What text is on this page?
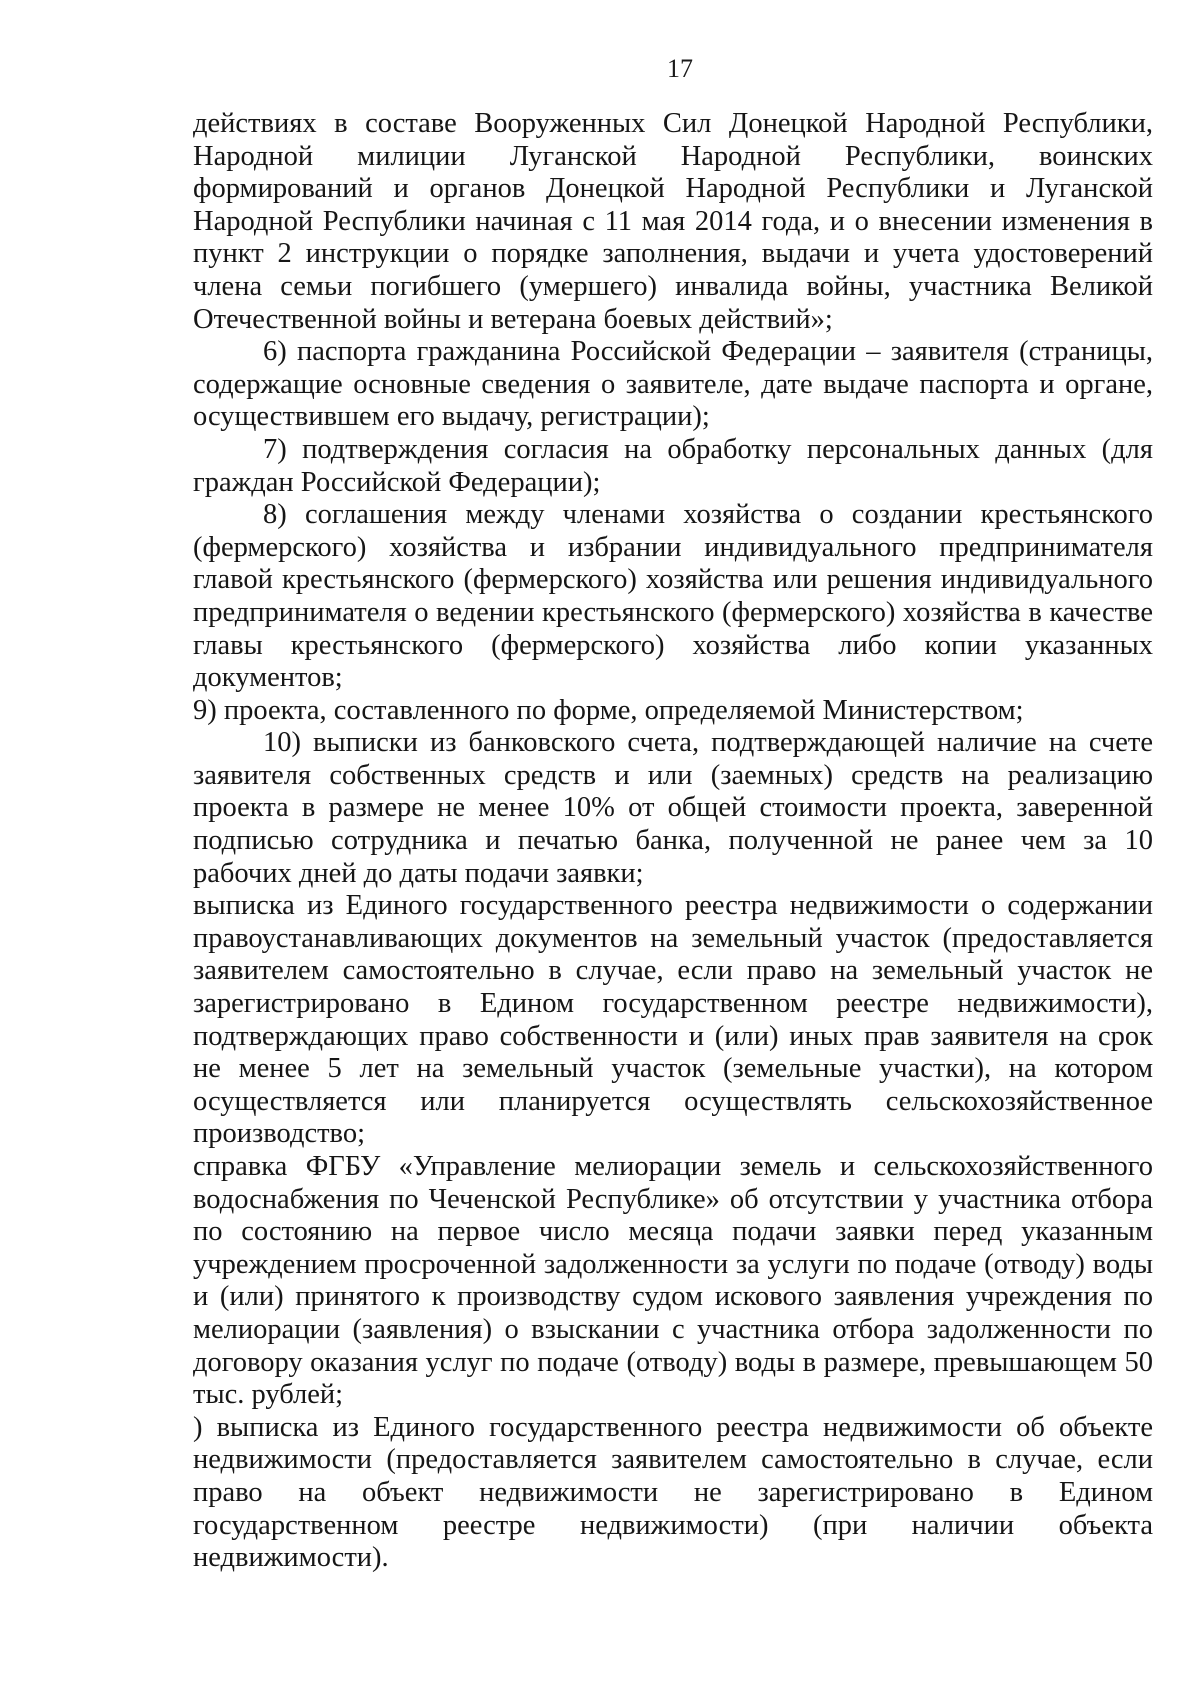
17

действиях в составе Вооруженных Сил Донецкой Народной Республики, Народной милиции Луганской Народной Республики, воинских формирований и органов Донецкой Народной Республики и Луганской Народной Республики начиная с 11 мая 2014 года, и о внесении изменения в пункт 2 инструкции о порядке заполнения, выдачи и учета удостоверений члена семьи погибшего (умершего) инвалида войны, участника Великой Отечественной войны и ветерана боевых действий»;

6) паспорта гражданина Российской Федерации – заявителя (страницы, содержащие основные сведения о заявителе, дате выдаче паспорта и органе, осуществившем его выдачу, регистрации);

7) подтверждения согласия на обработку персональных данных (для граждан Российской Федерации);

8) соглашения между членами хозяйства о создании крестьянского (фермерского) хозяйства и избрании индивидуального предпринимателя главой крестьянского (фермерского) хозяйства или решения индивидуального предпринимателя о ведении крестьянского (фермерского) хозяйства в качестве главы крестьянского (фермерского) хозяйства либо копии указанных документов;

9) проекта, составленного по форме, определяемой Министерством;

10) выписки из банковского счета, подтверждающей наличие на счете заявителя собственных средств и или (заемных) средств на реализацию проекта в размере не менее 10% от общей стоимости проекта, заверенной подписью сотрудника и печатью банка, полученной не ранее чем за 10 рабочих дней до даты подачи заявки;

выписка из Единого государственного реестра недвижимости о содержании правоустанавливающих документов на земельный участок (предоставляется заявителем самостоятельно в случае, если право на земельный участок не зарегистрировано в Едином государственном реестре недвижимости), подтверждающих право собственности и (или) иных прав заявителя на срок не менее 5 лет на земельный участок (земельные участки), на котором осуществляется или планируется осуществлять сельскохозяйственное производство;

справка ФГБУ «Управление мелиорации земель и сельскохозяйственного водоснабжения по Чеченской Республике» об отсутствии у участника отбора по состоянию на первое число месяца подачи заявки перед указанным учреждением просроченной задолженности за услуги по подаче (отводу) воды и (или) принятого к производству судом искового заявления учреждения по мелиорации (заявления) о взыскании с участника отбора задолженности по договору оказания услуг по подаче (отводу) воды в размере, превышающем 50 тыс. рублей;

) выписка из Единого государственного реестра недвижимости об объекте недвижимости (предоставляется заявителем самостоятельно в случае, если право на объект недвижимости не зарегистрировано в Едином государственном реестре недвижимости) (при наличии объекта недвижимости).
